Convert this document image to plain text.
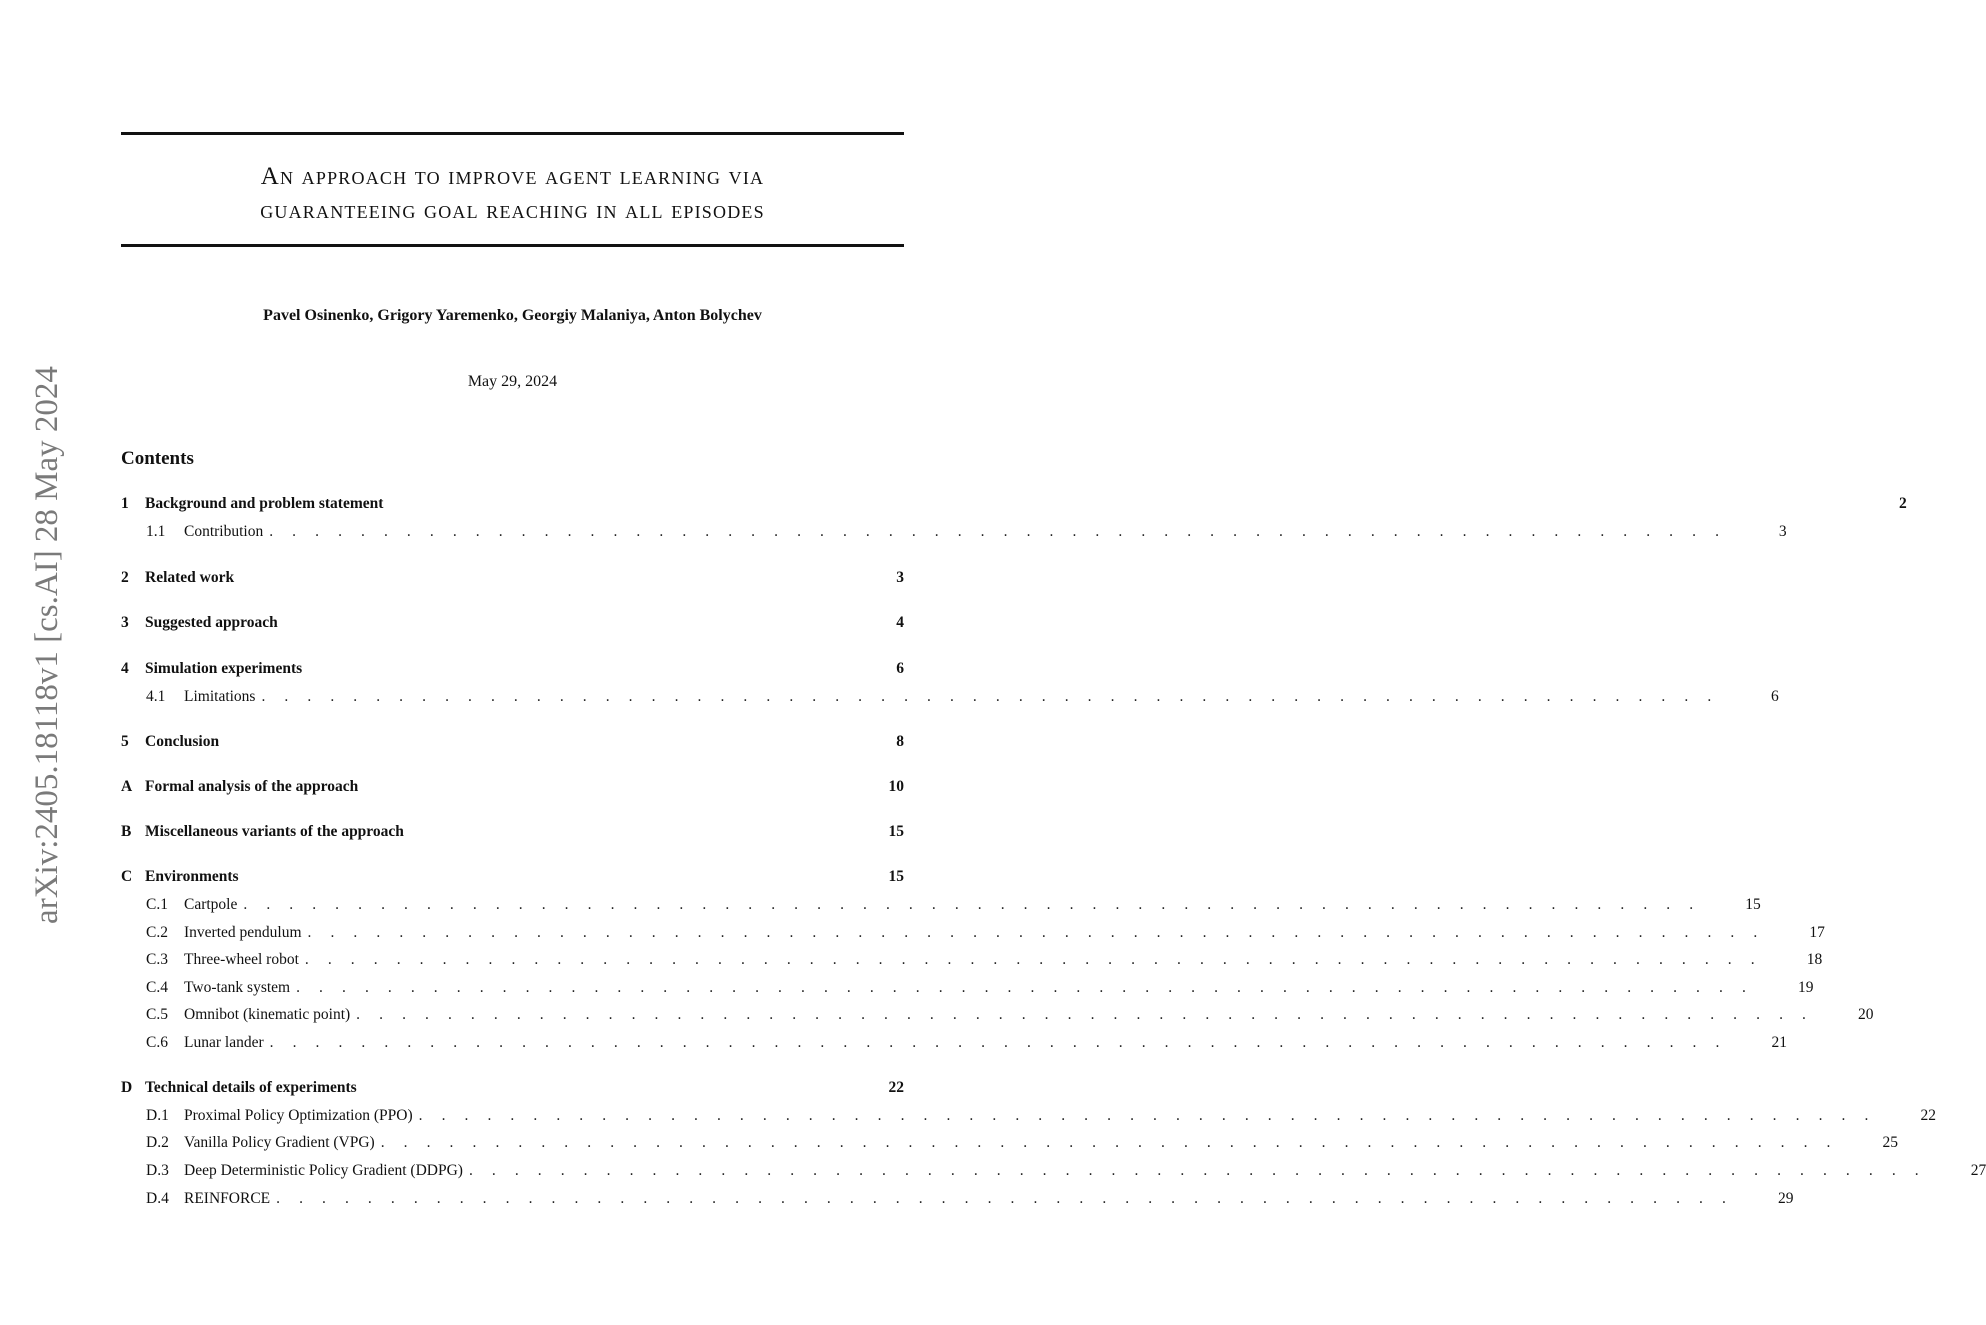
An approach to improve agent learning via
guaranteeing goal reaching in all episodes
Pavel Osinenko, Grigory Yaremenko, Georgiy Malaniya, Anton Bolychev
May 29, 2024
arXiv:2405.18118v1 [cs.AI] 28 May 2024	Contents
1	Background and problem statement	2
1.1	Contribution . . . . . . . . . . . . . . . . . . . . . . . . . . . . . . . . . . . . . . . . . . . . . . . . . . . . . . . . . . . . . . . .	3
2	Related work	3
3	Suggested approach	4
4	Simulation experiments	6
4.1	Limitations . . . . . . . . . . . . . . . . . . . . . . . . . . . . . . . . . . . . . . . . . . . . . . . . . . . . . . . . . . . . . . . .	6
5	Conclusion	8
A Formal analysis of the approach	10
B Miscellaneous variants of the approach	15
C Environments	15
C.1	Cartpole . . . . . . . . . . . . . . . . . . . . . . . . . . . . . . . . . . . . . . . . . . . . . . . . . . . . . . . . . . . . . . . .	15
C.2	Inverted pendulum . . . . . . . . . . . . . . . . . . . . . . . . . . . . . . . . . . . . . . . . . . . . . . . . . . . . . . . . . . . . . . . .	17
C.3	Three-wheel robot . . . . . . . . . . . . . . . . . . . . . . . . . . . . . . . . . . . . . . . . . . . . . . . . . . . . . . . . . . . . . . . .	18
C.4	Two-tank system . . . . . . . . . . . . . . . . . . . . . . . . . . . . . . . . . . . . . . . . . . . . . . . . . . . . . . . . . . . . . . . .	19
C.5	Omnibot (kinematic point) . . . . . . . . . . . . . . . . . . . . . . . . . . . . . . . . . . . . . . . . . . . . . . . . . . . . . . . . . . . . . . . .	20
C.6	Lunar lander . . . . . . . . . . . . . . . . . . . . . . . . . . . . . . . . . . . . . . . . . . . . . . . . . . . . . . . . . . . . . . . .	21
D Technical details of experiments	22
D.1 Proximal Policy Optimization (PPO) . . . . . . . . . . . . . . . . . . . . . . . . . . . . . . . . . . . . . . . . . . . . . . . . . . . . . . . . . . . . . . . .	22
D.2 Vanilla Policy Gradient (VPG) . . . . . . . . . . . . . . . . . . . . . . . . . . . . . . . . . . . . . . . . . . . . . . . . . . . . . . . . . . . . . . . .	25
D.3 Deep Deterministic Policy Gradient (DDPG) . . . . . . . . . . . . . . . . . . . . . . . . . . . . . . . . . . . . . . . . . . . . . . . . . . . . . . . . . . . . . . . .	27
D.4 REINFORCE . . . . . . . . . . . . . . . . . . . . . . . . . . . . . . . . . . . . . . . . . . . . . . . . . . . . . . . . . . . . . . . .	29
